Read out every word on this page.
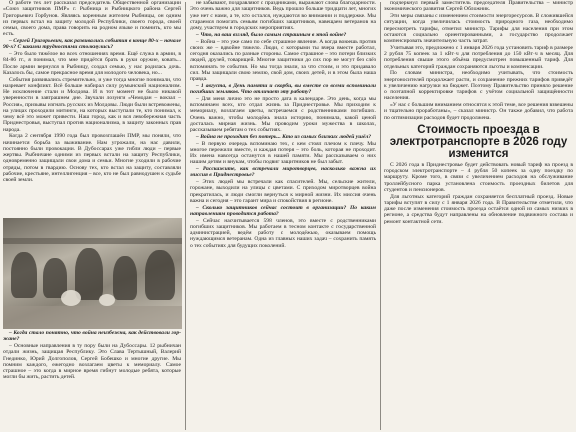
О работе тех лет рассказал председатель Общественной организации «Союз защитников ПМР» г. Рыбница и Рыбницкого района Сергей Григорьевич Горбунов. Являясь коренным жителем Рыбницы, он одним из первых встал на защиту молодой Республики, своего города, своей семьи, своего дома, права говорить на родном языке и помнить, кто мы есть.

– Сергей Григорьевич, как развивались события в конце 80-х – начале 90-х? С какими трудностями столкнулись?

– Это было тяжёлое во всех отношениях время. Ещё служа в армии, в 84-86 гг., я понимал, что мне придётся брать в руки оружие, ковать... После армии вернулся в Рыбницу, создал семью, у нас родилась дочь. Казалось бы, самое прекрасное время для молодого человека, но...

События развивались стремительно, и уже тогда многие понимали, что назревает конфликт. Всё больше набирал силу румынский национализм. Не исключение стали и Молдова. И в тот момент не было никакой уверенности в завтрашнем дне. Звучали лозунги «Чемодан – вокзал – Россия», призывы изгнать русских из Молдовы. Люди были встревожены, на улицах проходили митинги, на которых выступали те, кто понимал, к чему всё это может привести. Наш город, как и вся левобережная часть Приднестровья, выступал против национализма, в защиту законных прав народа.

Когда 2 сентября 1990 года был провозглашён ПМР, мы поняли, что начинается борьба за выживание. Нам угрожали, на нас давили, постоянно были провокации. В Дубоссарах уже гибли люди – первые жертвы. Рыбничане одними из первых встали на защиту Республики, одновременно защищали свои дома и семьи. Многие уходили в рабочие отряды, потом в гвардию. Основу тех, кто встал на защиту, составляли рабочие, крестьяне, интеллигенция – все, кто не был равнодушен к судьбе своей земли.

– Когда стало понятно, что война неизбежна, как действовали горжане?

– Основные направления в ту пору были на Дубоссары. 12 рыбничан отдали жизнь, защищая Республику. Это Слава Тертышный, Валерий Гнединко, Юрий Долгополов, Сергей Бобешко и многие другие. Мы помним каждого, ежегодно возлагаем цветы к мемориалу. Самое страшное – это когда в мирное время гибнут молодые ребята, которые могли бы жить, растить детей.

не забывают, поздравляют с праздниками, выражают слова благодарности. Это очень важно для защитников. Ведь прошло больше тридцати лет, многих уже нет с нами, а те, кто остался, нуждаются во внимании и поддержке. Мы стараемся помогать семьям погибших защитников, навещаем ветеранов на дому, участвуем в городских мероприятиях.

– Что, на ваш взгляд, было самым страшным в этой войне?

– Война – это уже само по себе страшное явление. А когда воюешь против своих же – вдвойне тяжело. Люди, с которыми ты вчера вместе работал, сегодня оказались по разные стороны. Самое страшное – это потери близких людей, друзей, товарищей. Многие защитники до сих пор не могут без слёз вспоминать те события. Но мы тогда знали, за что стоим, и это придавало сил. Мы защищали свою землю, свой дом, своих детей, и в этом была наша правда.

– 1 августа, в День памяти и скорби, вы вместе со всеми вспоминали погибших земляков. Что отличает эту работу?

– Для меня лично это не просто дата в календаре. Это день, когда мы вспоминаем всех, кто отдал жизнь за Приднестровье. Мы приходим к мемориалу, возлагаем цветы, встречаемся с родственниками погибших. Очень важно, чтобы молодёжь знала историю, понимала, какой ценой досталась мирная жизнь. Мы проводим уроки мужества в школах, рассказываем ребятам о тех событиях.

– Война не проходит без потерь... Кто из самых близких людей ушёл?

– В первую очередь вспоминаю тех, с кем стоял плечом к плечу. Мы многое пережили вместе, и каждая потеря – это боль, которая не проходит. Их имена навсегда останутся в нашей памяти. Мы рассказываем о них нашим детям и внукам, чтобы подвиг защитников не был забыт.

– Расскажите, как встречали миротворцев, насколько важна их миссия в Приднестровье?

– Этих людей мы встречали как спасителей. Мы, сельские жители, горожане, выходили на улицы с цветами. С приходом миротворцев война прекратилась, и люди смогли вернуться к мирной жизни. Их миссия очень важна и сегодня – это гарант мира и спокойствия в регионе.

– Сколько защитников сейчас состоит в организации? По каким направлениям проводится работа?

– Сейчас насчитывается 598 членов, это вместе с родственниками погибших защитников. Мы работаем в тесном контакте с государственной администрацией, ведём работу с молодёжью, оказываем помощь нуждающимся ветеранам. Одна из главных наших задач – сохранить память о тех событиях для будущих поколений.

подчеркнул первый заместитель председателя Правительства – министр экономического развития Сергей Обложник.

Эти меры связаны с изменением стоимости энергоресурсов. В сложившейся ситуации, когда увеличилась стоимость природного газа, необходимо пересмотреть тарифы, отметил министр. Тарифы для населения при этом остаются социально ориентированными, а государство продолжает компенсировать значительную часть затрат.

Учитывая это, предложено с 1 января 2026 года установить тариф в размере 2 рубля 75 копеек за 1 кВт·ч для потребления до 150 кВт·ч в месяц. Для потребления свыше этого объёма предусмотрен повышенный тариф. Для отдельных категорий граждан сохраняются льготы и компенсации.

По словам министра, необходимо учитывать, что стоимость энергоносителей продолжает расти, и сохранение прежних тарифов приведёт к увеличению нагрузки на бюджет. Поэтому Правительство приняло решение о поэтапной корректировке тарифов с учётом социальной защищённости населения.

«У нас с большим вниманием относятся к этой теме, все решения взвешены и тщательно проработаны», – сказал министр. Он также добавил, что работа по оптимизации расходов будет продолжена.

Стоимость проезда в электротранспорте в 2026 году изменится

С 2026 года в Приднестровье будет действовать новый тариф на проезд в городском электротранспорте – 4 рубля 50 копеек за одну поездку по маршруту. Кроме того, в связи с увеличением расходов на обслуживание троллейбусного парка установлена стоимость проездных билетов для студентов и пенсионеров.

Для льготных категорий граждан сохраняется бесплатный проезд. Новые тарифы вступят в силу с 1 января 2026 года. В Правительстве отметили, что даже после изменения стоимость проезда остаётся одной из самых низких в регионе, а средства будут направлены на обновление подвижного состава и ремонт контактной сети.
